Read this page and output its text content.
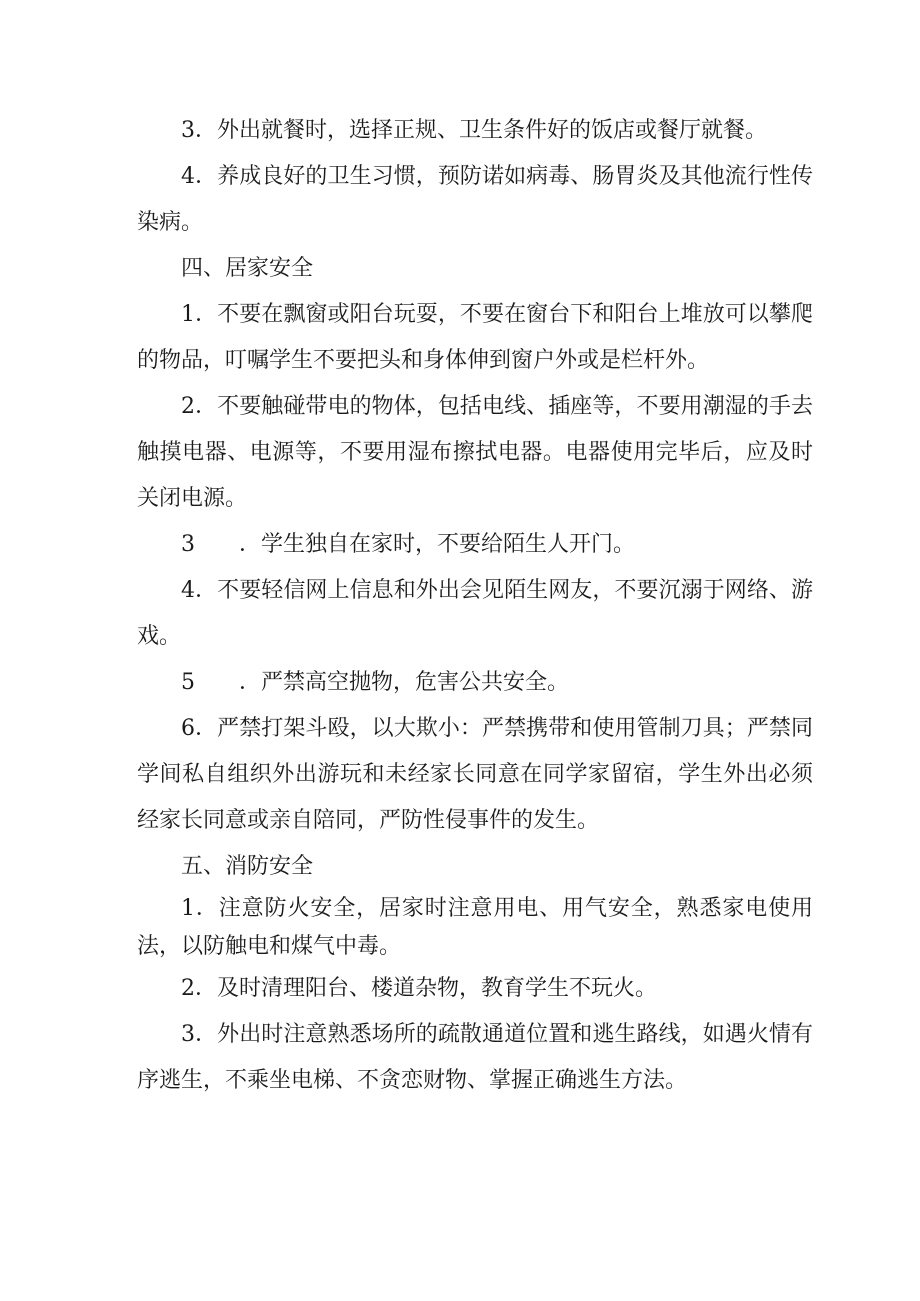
3．外出就餐时，选择正规、卫生条件好的饭店或餐厅就餐。

4．养成良好的卫生习惯，预防诺如病毒、肠胃炎及其他流行性传染病。

四、居家安全

1．不要在飘窗或阳台玩耍，不要在窗台下和阳台上堆放可以攀爬的物品，叮嘱学生不要把头和身体伸到窗户外或是栏杆外。

2．不要触碰带电的物体，包括电线、插座等，不要用潮湿的手去触摸电器、电源等，不要用湿布擦拭电器。电器使用完毕后，应及时关闭电源。

3　　．学生独自在家时，不要给陌生人开门。

4．不要轻信网上信息和外出会见陌生网友，不要沉溺于网络、游戏。

5　　．严禁高空抛物，危害公共安全。

6．严禁打架斗殴，以大欺小：严禁携带和使用管制刀具；严禁同学间私自组织外出游玩和未经家长同意在同学家留宿，学生外出必须经家长同意或亲自陪同，严防性侵事件的发生。

五、消防安全

1．注意防火安全，居家时注意用电、用气安全，熟悉家电使用法，以防触电和煤气中毒。

2．及时清理阳台、楼道杂物，教育学生不玩火。

3．外出时注意熟悉场所的疏散通道位置和逃生路线，如遇火情有序逃生，不乘坐电梯、不贪恋财物、掌握正确逃生方法。
